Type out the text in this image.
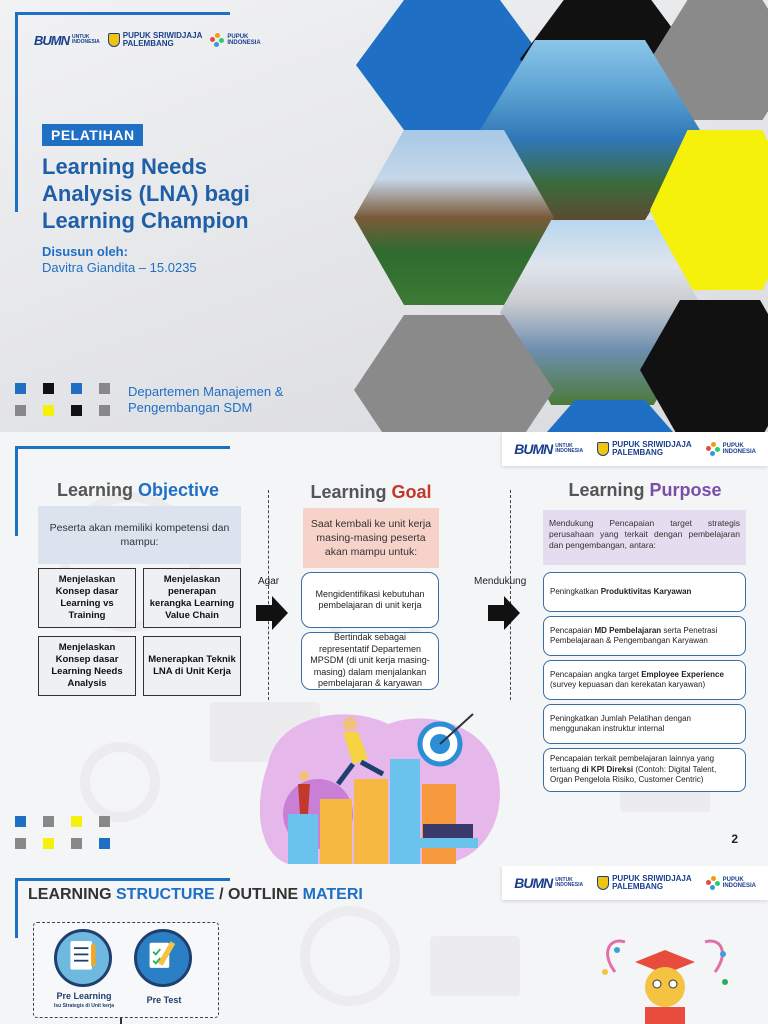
BUMN UNTUK
INDONESIA
PUPUK SRIWIDJAJA
PALEMBANG
PUPUK
INDONESIA
PELATIHAN
Learning Needs
Analysis (LNA) bagi
Learning Champion
Disusun oleh:
Davitra Giandita – 15.0235
Departemen Manajemen &
Pengembangan SDM
BUMN UNTUK
INDONESIA
PUPUK SRIWIDJAJA
PALEMBANG
PUPUK
INDONESIA
Learning Objective
Peserta akan memiliki kompetensi dan mampu:
Menjelaskan Konsep dasar Learning vs Training
Menjelaskan penerapan kerangka Learning Value Chain
Menjelaskan Konsep dasar Learning Needs Analysis
Menerapkan Teknik LNA di Unit Kerja
Agar
Learning Goal
Saat kembali ke unit kerja masing-masing peserta akan mampu untuk:
Mengidentifikasi kebutuhan pembelajaran di unit kerja
Bertindak sebagai representatif Departemen MPSDM (di unit kerja masing-masing) dalam menjalankan pembelajaran & karyawan
Mendukung
Learning Purpose
Mendukung Pencapaian target strategis perusahaan yang terkait dengan pembelajaran dan pengembangan, antara:
Peningkatkan Produktivitas Karyawan
Pencapaian MD Pembelajaran serta Penetrasi Pembelajaraan & Pengembangan Karyawan
Pencapaian angka target Employee Experience (survey kepuasan dan kerekatan karyawan)
Peningkatkan Jumlah Pelatihan dengan menggunakan instruktur internal
Pencapaian terkait pembelajaran lainnya yang tertuang di KPI Direksi (Contoh: Digital Talent, Organ Pengelola Risiko, Customer Centric)
2
BUMN UNTUK
INDONESIA
PUPUK SRIWIDJAJA
PALEMBANG
PUPUK
INDONESIA
LEARNING STRUCTURE / OUTLINE MATERI
Pre Learning
Isu Strategis di Unit kerja
Pre Test
